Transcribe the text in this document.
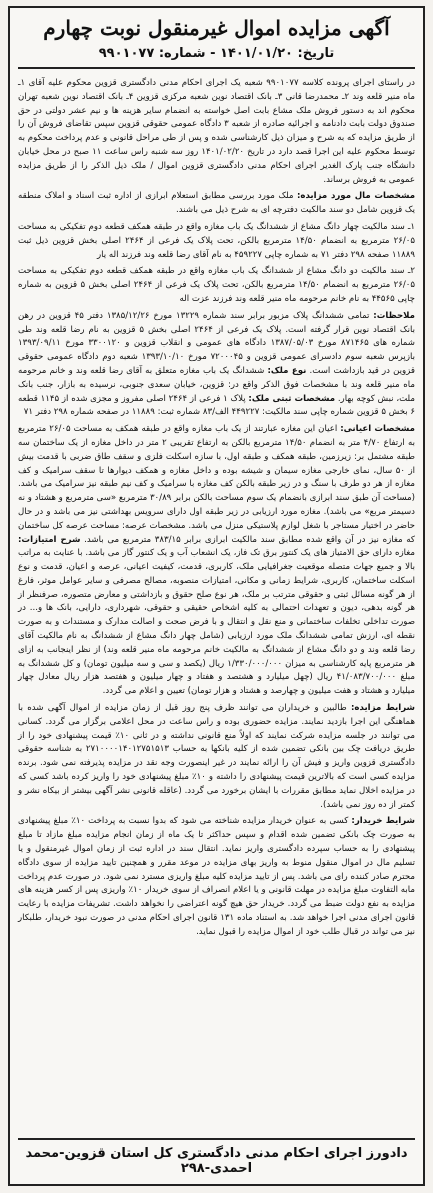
آگهی مزایده اموال غیرمنقول نوبت چهارم
تاریخ: ۱۴۰۱/۰۱/۲۰ - شماره: ۹۹۰۱۰۷۷

در راستای اجرای پرونده کلاسه ۹۹۰۱۰۷۷ شعبه یک اجرای احکام مدنی دادگستری قزوین محکوم علیه آقای ۱ـ ماه منیر قلعه وند ۲ـ محمدرضا قانی ۳ـ بانک اقتصاد نوین شعبه مرکزی قزوین ۴ـ بانک اقتصاد نوین شعبه تهران محکوم اند به دستور فروش ملک مشاع بابت اصل خواسته به انضمام سایر هزینه ها و نیم عشر دولتی در حق صندوق دولت بابت دادنامه و اجرائیه صادره از شعبه ۳ دادگاه عمومی حقوقی قزوین سپس تقاضای فروش آن را از طریق مزایده که به شرح و میزان ذیل کارشناسی شده و پس از طی مراحل قانونی و عدم پرداخت محکوم به توسط محکوم علیه این اجرا قصد دارد در تاریخ ۱۴۰۱/۰۲/۲۰ روز سه شنبه راس ساعت ۱۱ صبح در محل خیابان دانشگاه جنب پارک الغدیر اجرای احکام مدنی دادگستری قزوین اموال / ملک ذیل الذکر را از طریق مزایده عمومی به فروش برساند.

مشخصات مال مورد مزایده: ملک مورد بررسی مطابق استعلام ابرازی از اداره ثبت اسناد و املاک منطقه یک قزوین شامل دو سند مالکیت دفترچه ای به شرح ذیل می باشند.

۱ـ سند مالکیت چهار دانگ مشاع از ششدانگ یک باب مغازه واقع در طبقه همکف قطعه دوم تفکیکی به مساحت ۲۶/۰۵ مترمربع به انضمام ۱۴/۵۰ مترمربع بالکن، تحت پلاک یک فرعی از ۲۴۶۴ اصلی بخش قزوین ذیل ثبت ۱۱۸۸۹ صفحه ۲۹۸ دفتر ۷۱ به شماره چاپی ۴۵۹۲۲۷ به نام آقای رضا قلعه وند فرزند اله یار

۲ـ سند مالکیت دو دانگ مشاع از ششدانگ یک باب مغازه واقع در طبقه همکف قطعه دوم تفکیکی به مساحت ۲۶/۰۵ مترمربع به انضمام ۱۴/۵۰ مترمربع بالکن، تحت پلاک یک فرعی از ۲۴۶۴ اصلی بخش ۵ قزوین به شماره چاپی ۴۴۵۶۵ به نام خانم مرحومه ماه منیر قلعه وند فرزند عزت اله

ملاحظات: تمامی ششدانگ پلاک مزبور برابر سند شماره ۱۳۲۲۹ مورخ ۱۳۸۵/۱۲/۲۶ دفتر ۴۵ قزوین در رهن بانک اقتصاد نوین قرار گرفته است. پلاک یک فرعی از ۲۴۶۴ اصلی بخش ۵ قزوین به نام رضا قلعه وند طی شماره های ۸۷۱۴۶۵ مورخ ۱۳۸۷/۰۵/۰۳ دادگاه های عمومی و انقلاب قزوین و ۳۳۰۰۱۲۰ مورخ ۱۳۹۳/۰۹/۱۱ بازپرس شعبه سوم دادسرای عمومی قزوین و ۷۲۰۰۰۴۵ مورخ ۱۳۹۳/۱۰/۱۰ شعبه دوم دادگاه عمومی حقوقی قزوین در قید بازداشت است. نوع ملک: ششدانگ یک باب مغازه متعلق به آقای رضا قلعه وند و خانم مرحومه ماه منیر قلعه وند با مشخصات فوق الذکر واقع در: قزوین، خیابان سعدی جنوبی، نرسیده به بازار، جنب بانک ملت، نبش کوچه بهار. مشخصات ثبتی ملک: پلاک ۱ فرعی از ۲۴۶۴ اصلی مفروز و مجزی شده از ۱۱۴۵ قطعه ۶ بخش ۵ قزوین شماره چاپی سند مالکیت: ۴۴۹۲۲۷ الف/۸۳ شماره ثبت: ۱۱۸۸۹ در صفحه شماره ۲۹۸ دفتر ۷۱

مشخصات اعیانی: اعیان این مغازه عبارتند از یک باب مغازه واقع در طبقه همکف به مساحت ۲۶/۰۵ مترمربع به ارتفاع ۴/۷۰ متر به انضمام ۱۴/۵۰ مترمربع بالکن به ارتفاع تقریبی ۲ متر در داخل مغازه از یک ساختمان سه طبقه مشتمل بر: زیرزمین، طبقه همکف و طبقه اول، با سازه اسکلت فلزی و سقف طاق ضربی با قدمت بیش از ۵۰ سال، نمای خارجی مغازه سیمان و شیشه بوده و داخل مغازه و همکف دیوارها تا سقف سرامیک و کف مغازه از هر دو طرف با سنگ و در زیر طبقه بالکن کف مغازه با سرامیک و کف نیم طبقه نیز سرامیک می باشد. (مساحت آن طبق سند ابرازی بانضمام یک سوم مساحت بالکن برابر ۳۰/۸۹ مترمربع «سی مترمربع و هشتاد و نه دسیمتر مربع» می باشد). مغازه مورد ارزیابی در زیر طبقه اول دارای سرویس بهداشتی نیز می باشد و در حال حاضر در اختیار مستاجر با شغل لوازم پلاستیکی منزل می باشد. مشخصات عرصه: مساحت عرصه کل ساختمان که مغازه نیز در آن واقع شده مطابق سند مالکیت ابرازی برابر ۳۸۳/۱۵ مترمربع می باشد. شرح امتیازات: مغازه دارای حق الامتیاز های یک کنتور برق تک فاز، یک انشعاب آب و یک کنتور گاز می باشد. با عنایت به مراتب بالا و جمیع جهات متصله موقعیت جغرافیایی ملک، کاربری، قدمت، کیفیت اعیانی، عرصه و اعیان، قدمت و نوع اسکلت ساختمان، کاربری، شرایط زمانی و مکانی، امتیازات منصوبه، مصالح مصرفی و سایر عوامل موثر، فارغ از هر گونه مسائل ثبتی و حقوقی مترتب بر ملک، هر نوع صلح حقوق و بازداشتی و معارض متصوره، صرفنظر از هر گونه بدهی، دیون و تعهدات احتمالی به کلیه اشخاص حقیقی و حقوقی، شهرداری، دارایی، بانک ها و... در صورت تداخلی تخلفات ساختمانی و منع نقل و انتقال و با فرض صحت و اصالت مدارک و مستندات و به صورت نقطه ای، ارزش تمامی ششدانگ ملک مورد ارزیابی (شامل چهار دانگ مشاع از ششدانگ به نام مالکیت آقای رضا قلعه وند و دو دانگ مشاع از ششدانگ به مالکیت خانم مرحومه ماه منیر قلعه وند) از نظر اینجانب به ازای هر مترمربع پایه کارشناسی به میزان ۱/۳۳۰/۰۰۰/۰۰۰ ریال (یکصد و سی و سه میلیون تومان) و کل ششدانگ به مبلغ ۴۱/۰۸۳/۷۰۰/۰۰۰ ریال (چهل میلیارد و هشتصد و هفتاد و چهار میلیون و هفتصد هزار ریال معادل چهار میلیارد و هشتاد و هفت میلیون و چهارصد و هشتاد و هزار تومان) تعیین و اعلام می گردد.

شرایط مزایده: طالبین و خریداران می توانند ظرف پنج روز قبل از زمان مزایده از اموال آگهی شده با هماهنگی این اجرا بازدید نمایند. مزایده حضوری بوده و راس ساعت در محل اعلامی برگزار می گردد. کسانی می توانند در جلسه مزایده شرکت نمایند که اولاً منع قانونی نداشته و در ثانی ۱۰٪ قیمت پیشنهادی خود را از طریق دریافت چک بین بانکی تضمین شده از کلیه بانکها به حساب ۲۷۱۰۰۰۰۱۴۰۱۲۷۵۱۵۱۳ به شناسه حقوقی دادگستری قزوین واریز و فیش آن را ارائه نمایند در غیر اینصورت وجه نقد در مزایده پذیرفته نمی شود. برنده مزایده کسی است که بالاترین قیمت پیشنهادی را داشته و ۱۰٪ مبلغ پیشنهادی خود را واریز کرده باشد کسی که در مزایده اخلال نماید مطابق مقررات با ایشان برخورد می گردد. (عاقله قانونی نشر آگهی بیشتر از بیکاه نشر و کمتر از ده روز نمی باشد).

شرایط خریدار: کسی به عنوان خریدار مزایده شناخته می شود که بدوا نسبت به پرداخت ۱۰٪ مبلغ پیشنهادی به صورت چک بانکی تضمین شده اقدام و سپس حداکثر تا یک ماه از زمان انجام مزایده مبلغ مازاد تا مبلغ پیشنهادی را به حساب سپرده دادگستری واریز نماید. انتقال سند در اداره ثبت از زمان اموال غیرمنقول و یا تسلیم مال در اموال منقول منوط به واریز بهای مزایده در موعد مقرر و همچنین تایید مزایده از سوی دادگاه محترم صادر کننده رای می باشد. پس از تایید مزایده کلیه مبلغ واریزی مسترد نمی شود. در صورت عدم پرداخت مابه التفاوت مبلغ مزایده در مهلت قانونی و یا اعلام انصراف از سوی خریدار ۱۰٪ واریزی پس از کسر هزینه های مزایده به نفع دولت ضبط می گردد. خریدار حق هیچ گونه اعتراضی را نخواهد داشت. تشریفات مزایده با رعایت قانون اجرای مدنی اجرا خواهد شد. به استناد ماده ۱۳۱ قانون اجرای احکام مدنی در صورت نبود خریدار، طلبکار نیز می تواند در قبال طلب خود از اموال مزایده را قبول نماید.

دادورز اجرای احکام مدنی دادگستری کل استان قزوین-محمد احمدی-۲۹۸
